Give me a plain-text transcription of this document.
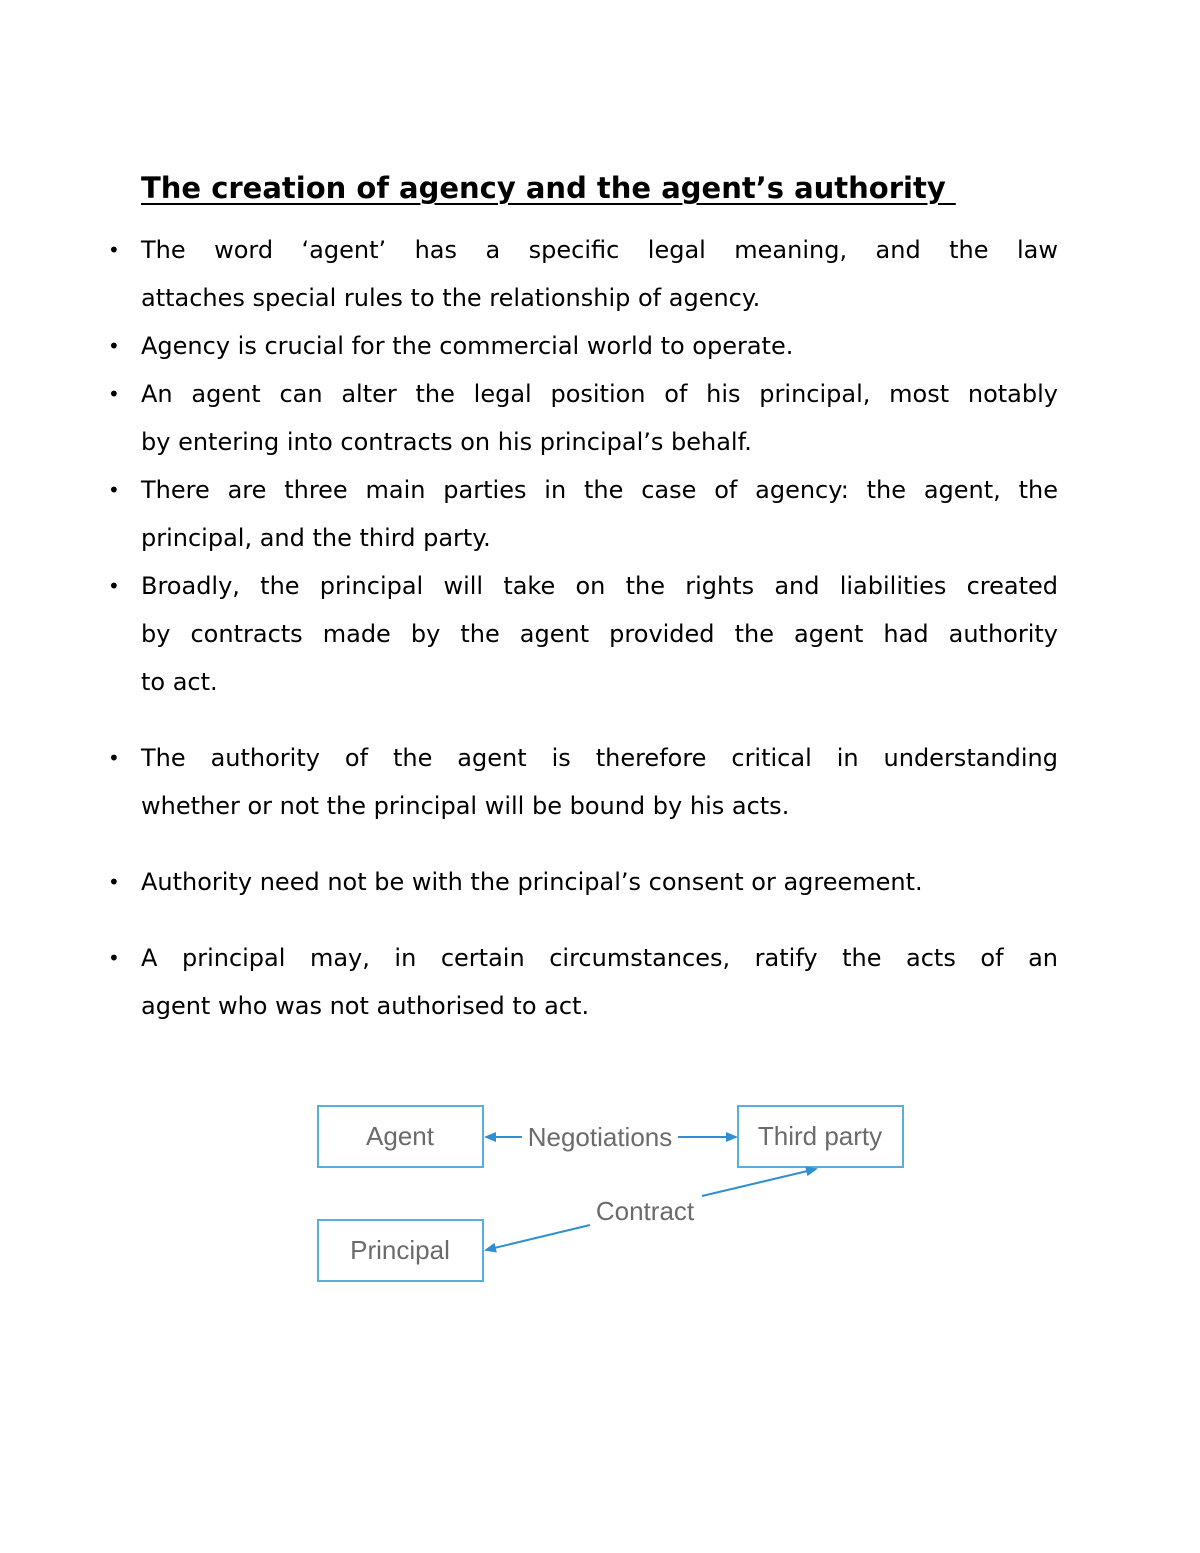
The creation of agency and the agent’s authority
• The word ‘agent’ has a specific legal meaning, and the law
attaches special rules to the relationship of agency.
• Agency is crucial for the commercial world to operate.
• An agent can alter the legal position of his principal, most notably
by entering into contracts on his principal’s behalf.
• There are three main parties in the case of agency: the agent, the
principal, and the third party.
• Broadly, the principal will take on the rights and liabilities created
by contracts made by the agent provided the agent had authority
to act.
• The authority of the agent is therefore critical in understanding
whether or not the principal will be bound by his acts.
• Authority need not be with the principal’s consent or agreement.
• A principal may, in certain circumstances, ratify the acts of an
agent who was not authorised to act.
Agent	Third party
Principal
Negotiations
Contract
